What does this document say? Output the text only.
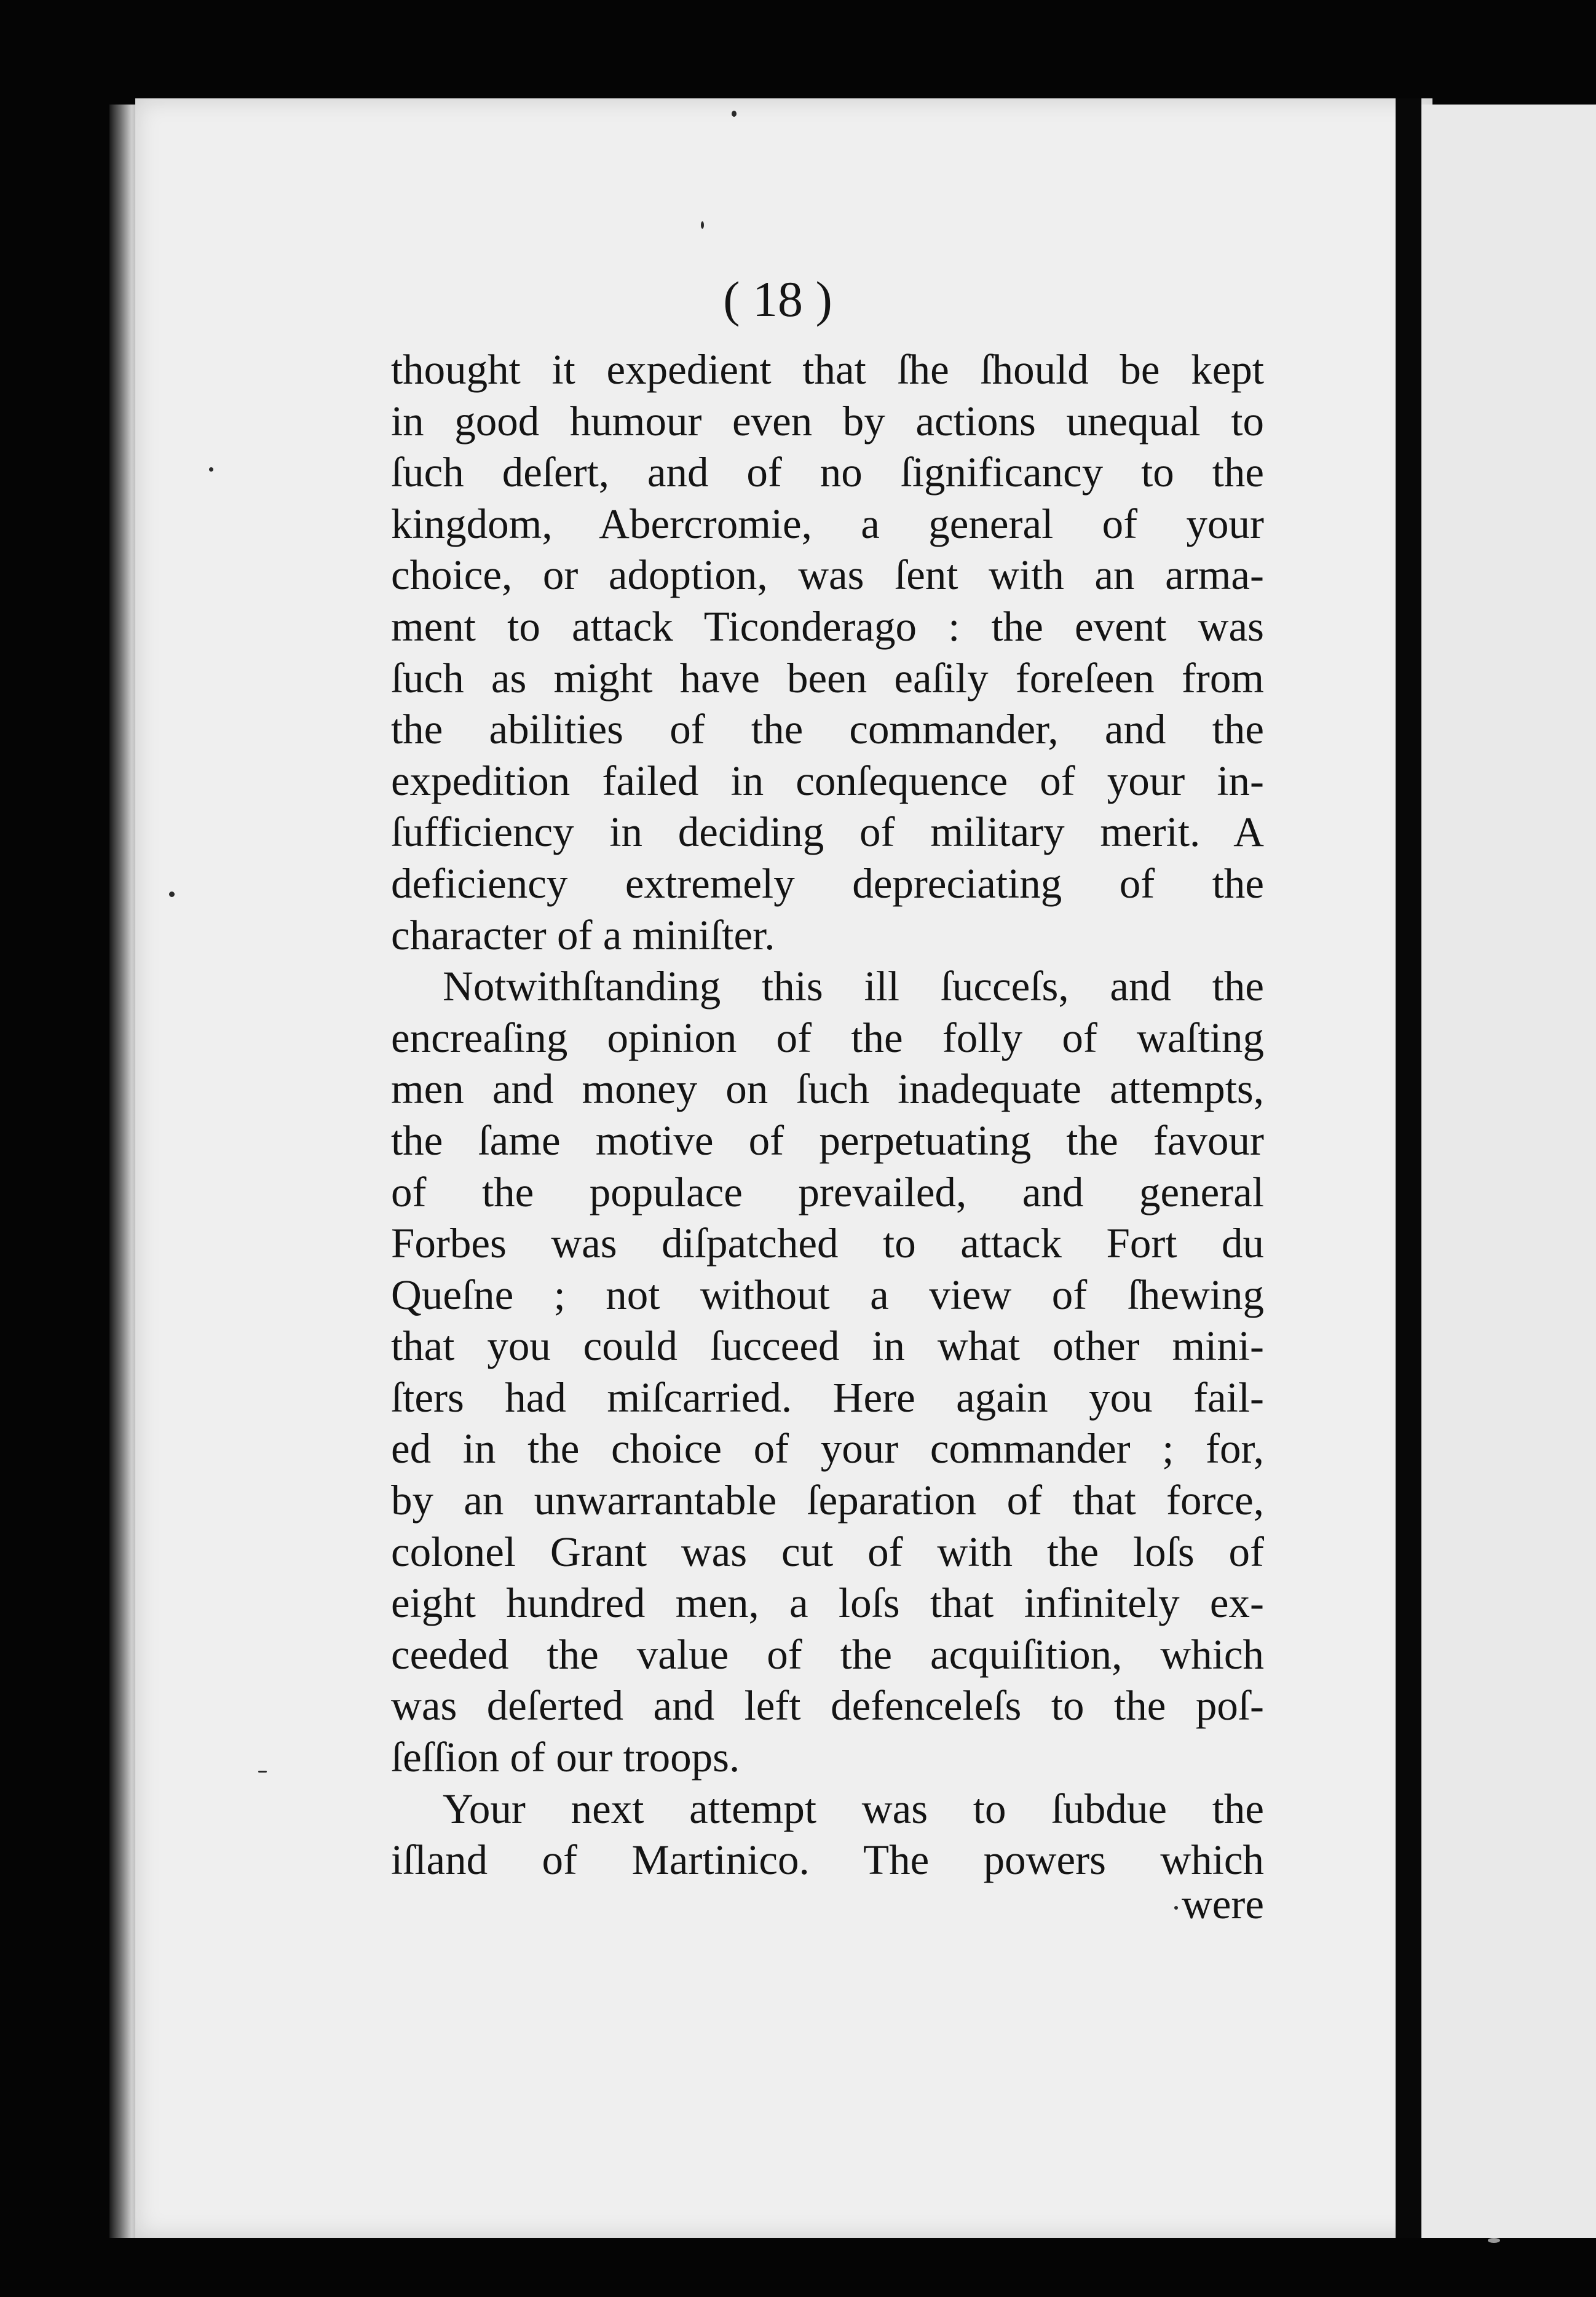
( 18 )
thought it expedient that ſhe ſhould be kept
in good humour even by actions unequal to
ſuch deſert, and of no ſignificancy to the
kingdom, Abercromie, a general of your
choice, or adoption, was ſent with an arma-
ment to attack Ticonderago : the event was
ſuch as might have been eaſily foreſeen from
the abilities of the commander, and the
expedition failed in conſequence of your in-
ſufficiency in deciding of military merit. A
deficiency extremely depreciating of the
character of a miniſter.
Notwithſtanding this ill ſucceſs, and the
encreaſing opinion of the folly of waſting
men and money on ſuch inadequate attempts,
the ſame motive of perpetuating the favour
of the populace prevailed, and general
Forbes was diſpatched to attack Fort du
Queſne ; not without a view of ſhewing
that you could ſucceed in what other mini-
ſters had miſcarried. Here again you fail-
ed in the choice of your commander ; for,
by an unwarrantable ſeparation of that force,
colonel Grant was cut of with the loſs of
eight hundred men, a loſs that infinitely ex-
ceeded the value of the acquiſition, which
was deſerted and left defenceleſs to the poſ-
ſeſſion of our troops.
Your next attempt was to ſubdue the
iſland of Martinico. The powers which
were
